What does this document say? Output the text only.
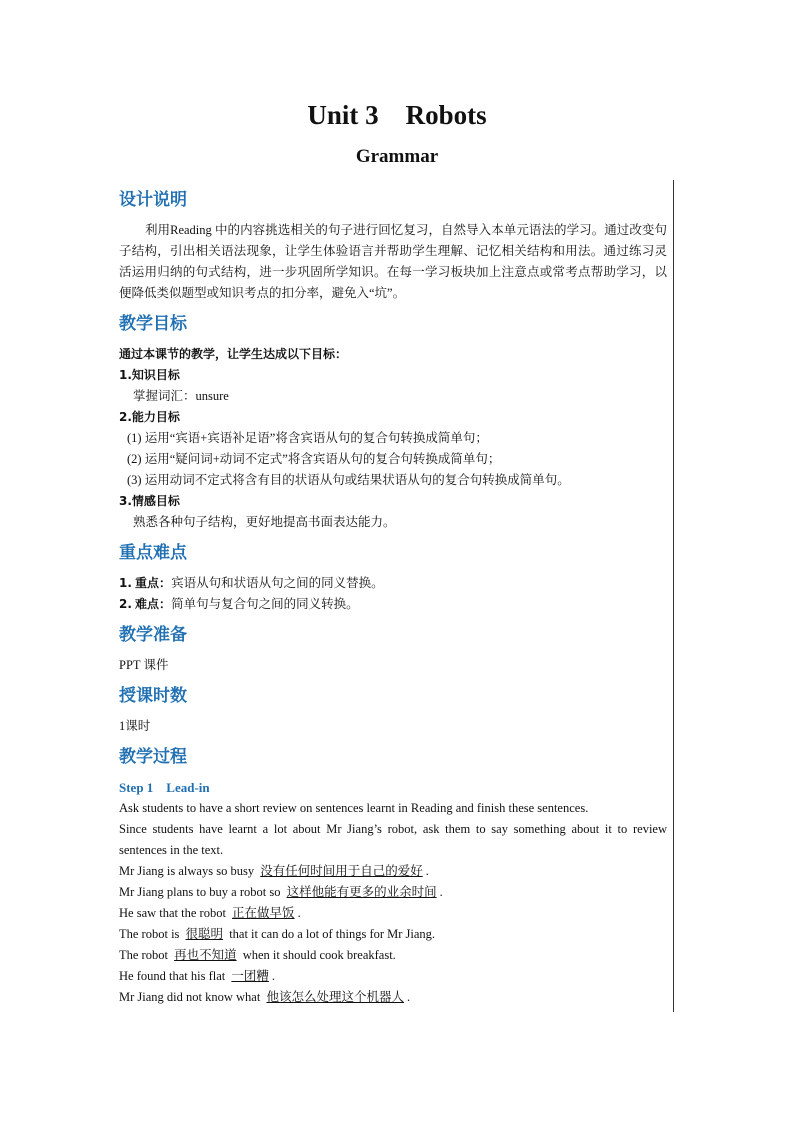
Unit 3    Robots
Grammar
设计说明

利用Reading 中的内容挑选相关的句子进行回忆复习，自然导入本单元语法的学习。通过改变句子结构，引出相关语法现象，让学生体验语言并帮助学生理解、记忆相关结构和用法。通过练习灵活运用归纳的句式结构，进一步巩固所学知识。在每一学习板块加上注意点或常考点帮助学习，以便降低类似题型或知识考点的扣分率，避免入“坑”。

教学目标

通过本课节的教学，让学生达成以下目标：

1.知识目标

掌握词汇：unsure

2.能力目标

(1) 运用“宾语+宾语补足语”将含宾语从句的复合句转换成简单句；

(2) 运用“疑问词+动词不定式”将含宾语从句的复合句转换成简单句；

(3) 运用动词不定式将含有目的状语从句或结果状语从句的复合句转换成简单句。

3.情感目标

熟悉各种句子结构，更好地提高书面表达能力。

重点难点

1. 重点：宾语从句和状语从句之间的同义替换。

2. 难点：简单句与复合句之间的同义转换。

教学准备

PPT 课件

授课时数

1课时

教学过程

Step 1    Lead-in

Ask students to have a short review on sentences learnt in Reading and finish these sentences.

Since students have learnt a lot about Mr Jiang’s robot, ask them to say something about it to review sentences in the text.

Mr Jiang is always so busy 没有任何时间用于自己的爱好 .

Mr Jiang plans to buy a robot so 这样他能有更多的业余时间 .

He saw that the robot 正在做早饭 .

The robot is 很聪明 that it can do a lot of things for Mr Jiang.

The robot 再也不知道 when it should cook breakfast.

He found that his flat 一团糟 .

Mr Jiang did not know what 他该怎么处理这个机器人 .
